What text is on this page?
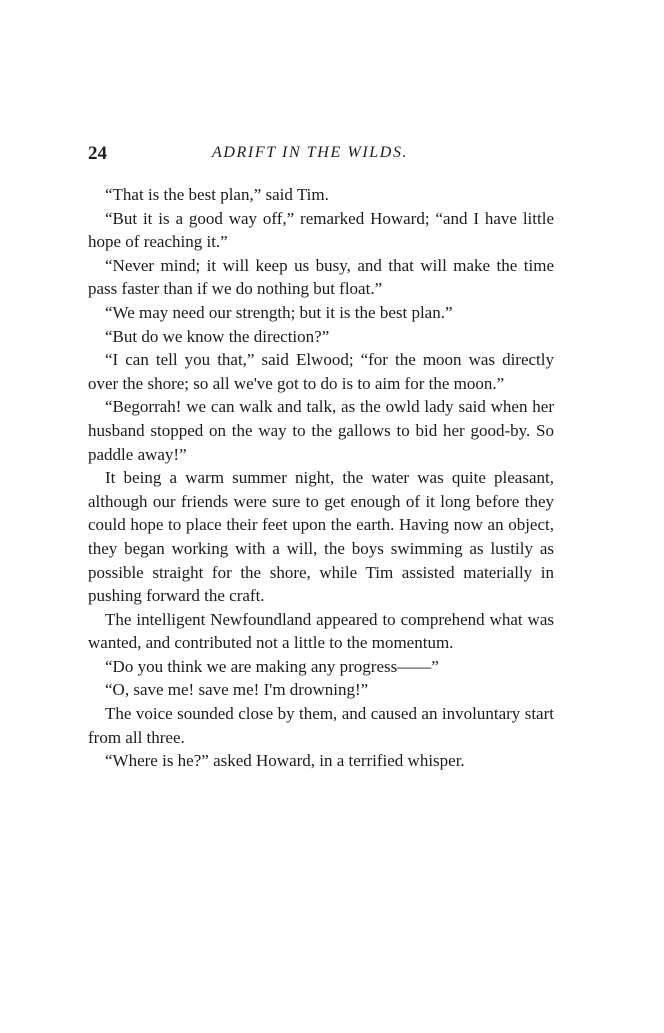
24	ADRIFT IN THE WILDS.

“That is the best plan,” said Tim.

“But it is a good way off,” remarked Howard; “and I have little hope of reaching it.”

“Never mind; it will keep us busy, and that will make the time pass faster than if we do nothing but float.”

“We may need our strength; but it is the best plan.”

“But do we know the direction?”

“I can tell you that,” said Elwood; “for the moon was directly over the shore; so all we've got to do is to aim for the moon.”

“Begorrah! we can walk and talk, as the owld lady said when her husband stopped on the way to the gallows to bid her good-by. So paddle away!”

It being a warm summer night, the water was quite pleasant, although our friends were sure to get enough of it long before they could hope to place their feet upon the earth. Having now an object, they began working with a will, the boys swimming as lustily as possible straight for the shore, while Tim assisted materially in pushing forward the craft.

The intelligent Newfoundland appeared to comprehend what was wanted, and contributed not a little to the momentum.

“Do you think we are making any progress——”

“O, save me! save me! I'm drowning!”

The voice sounded close by them, and caused an involuntary start from all three.

“Where is he?” asked Howard, in a terrified whisper.
